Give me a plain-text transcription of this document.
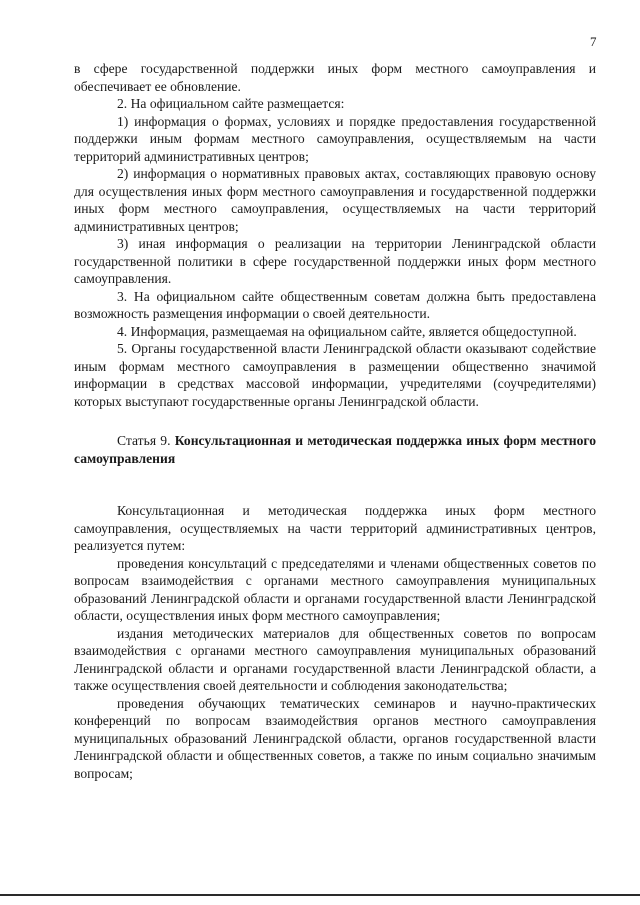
7

в сфере государственной поддержки иных форм местного самоуправления и обеспечивает ее обновление.

2. На официальном сайте размещается:

1) информация о формах, условиях и порядке предоставления государственной поддержки иным формам местного самоуправления, осуществляемым на части территорий административных центров;

2) информация о нормативных правовых актах, составляющих правовую основу для осуществления иных форм местного самоуправления и государственной поддержки иных форм местного самоуправления, осуществляемых на части территорий административных центров;

3) иная информация о реализации на территории Ленинградской области государственной политики в сфере государственной поддержки иных форм местного самоуправления.

3. На официальном сайте общественным советам должна быть предоставлена возможность размещения информации о своей деятельности.

4. Информация, размещаемая на официальном сайте, является общедоступной.

5. Органы государственной власти Ленинградской области оказывают содействие иным формам местного самоуправления в размещении общественно значимой информации в средствах массовой информации, учредителями (соучредителями) которых выступают государственные органы Ленинградской области.

Статья 9. Консультационная и методическая поддержка иных форм местного самоуправления

Консультационная и методическая поддержка иных форм местного самоуправления, осуществляемых на части территорий административных центров, реализуется путем:

проведения консультаций с председателями и членами общественных советов по вопросам взаимодействия с органами местного самоуправления муниципальных образований Ленинградской области и органами государственной власти Ленинградской области, осуществления иных форм местного самоуправления;

издания методических материалов для общественных советов по вопросам взаимодействия с органами местного самоуправления муниципальных образований Ленинградской области и органами государственной власти Ленинградской области, а также осуществления своей деятельности и соблюдения законодательства;

проведения обучающих тематических семинаров и научно-практических конференций по вопросам взаимодействия органов местного самоуправления муниципальных образований Ленинградской области, органов государственной власти Ленинградской области и общественных советов, а также по иным социально значимым вопросам;
